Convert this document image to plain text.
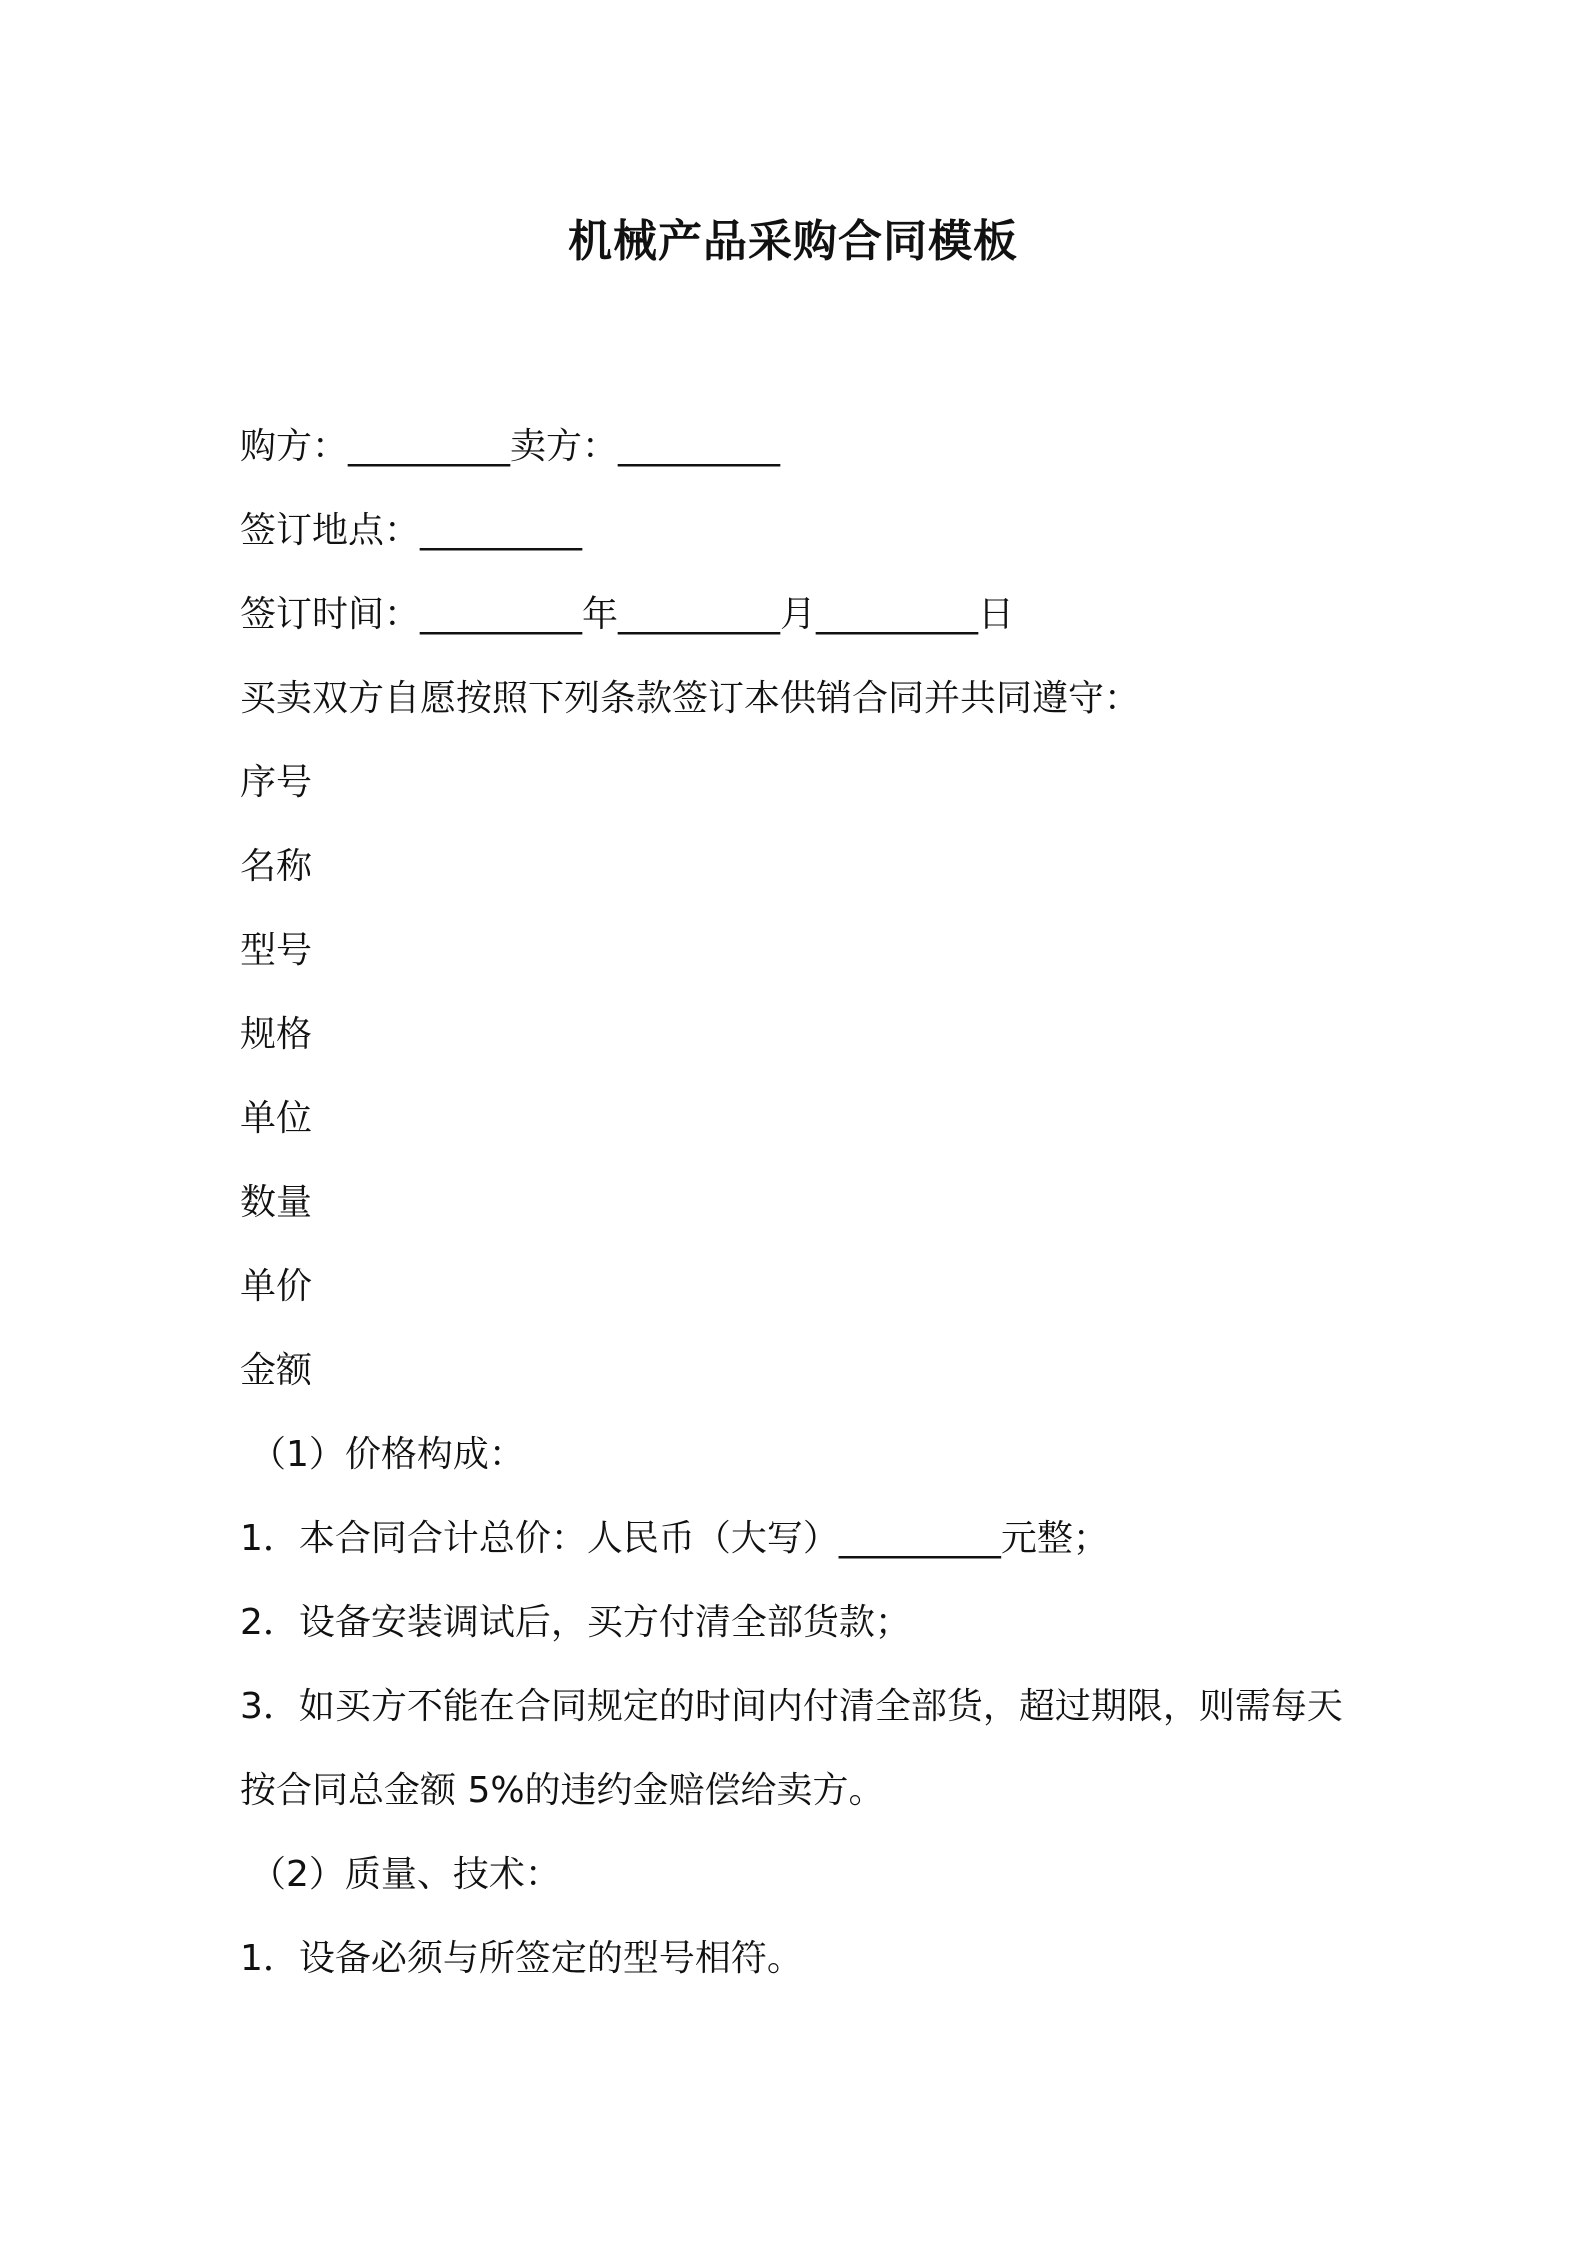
机械产品采购合同模板

购方：_________卖方：_________

签订地点：_________

签订时间：_________年_________月_________日

买卖双方自愿按照下列条款签订本供销合同并共同遵守：

序号

名称

型号

规格

单位

数量

单价

金额

（1）价格构成：

1．本合同合计总价：人民币（大写）_________元整；

2．设备安装调试后，买方付清全部货款；

3．如买方不能在合同规定的时间内付清全部货，超过期限，则需每天按合同总金额 5%的违约金赔偿给卖方。

（2）质量、技术：

1．设备必须与所签定的型号相符。
